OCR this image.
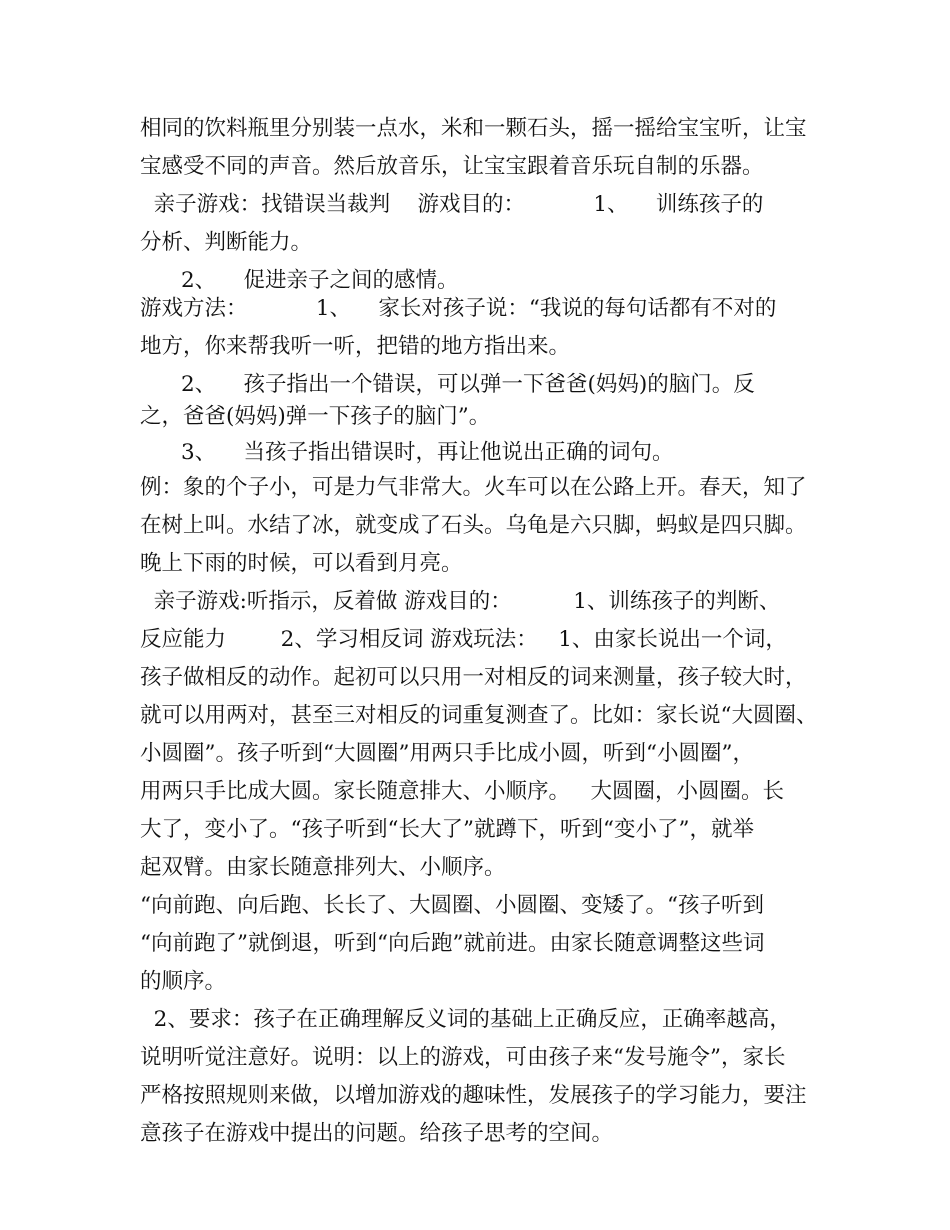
相同的饮料瓶里分别装一点水，米和一颗石头，摇一摇给宝宝听，让宝
宝感受不同的声音。然后放音乐，让宝宝跟着音乐玩自制的乐器。
亲子游戏：找错误当裁判    游戏目的：          1、    训练孩子的
分析、判断能力。
2、    促进亲子之间的感情。
游戏方法：          1、    家长对孩子说：“我说的每句话都有不对的
地方，你来帮我听一听，把错的地方指出来。
2、    孩子指出一个错误，可以弹一下爸爸(妈妈)的脑门。反
之，爸爸(妈妈)弹一下孩子的脑门”。
3、    当孩子指出错误时，再让他说出正确的词句。
例：象的个子小，可是力气非常大。火车可以在公路上开。春天，知了
在树上叫。水结了冰，就变成了石头。乌龟是六只脚，蚂蚁是四只脚。
晚上下雨的时候，可以看到月亮。
亲子游戏:听指示，反着做 游戏目的：         1、训练孩子的判断、
反应能力        2、学习相反词 游戏玩法：   1、由家长说出一个词，
孩子做相反的动作。起初可以只用一对相反的词来测量，孩子较大时，
就可以用两对，甚至三对相反的词重复测查了。比如：家长说“大圆圈、
小圆圈”。孩子听到“大圆圈”用两只手比成小圆，听到“小圆圈”，
用两只手比成大圆。家长随意排大、小顺序。   大圆圈，小圆圈。长
大了，变小了。“孩子听到“长大了”就蹲下，听到“变小了”，就举
起双臂。由家长随意排列大、小顺序。
“向前跑、向后跑、长长了、大圆圈、小圆圈、变矮了。“孩子听到
“向前跑了”就倒退，听到“向后跑”就前进。由家长随意调整这些词
的顺序。
2、要求：孩子在正确理解反义词的基础上正确反应，正确率越高，
说明听觉注意好。说明：以上的游戏，可由孩子来“发号施令”，家长
严格按照规则来做，以增加游戏的趣味性，发展孩子的学习能力，要注
意孩子在游戏中提出的问题。给孩子思考的空间。
